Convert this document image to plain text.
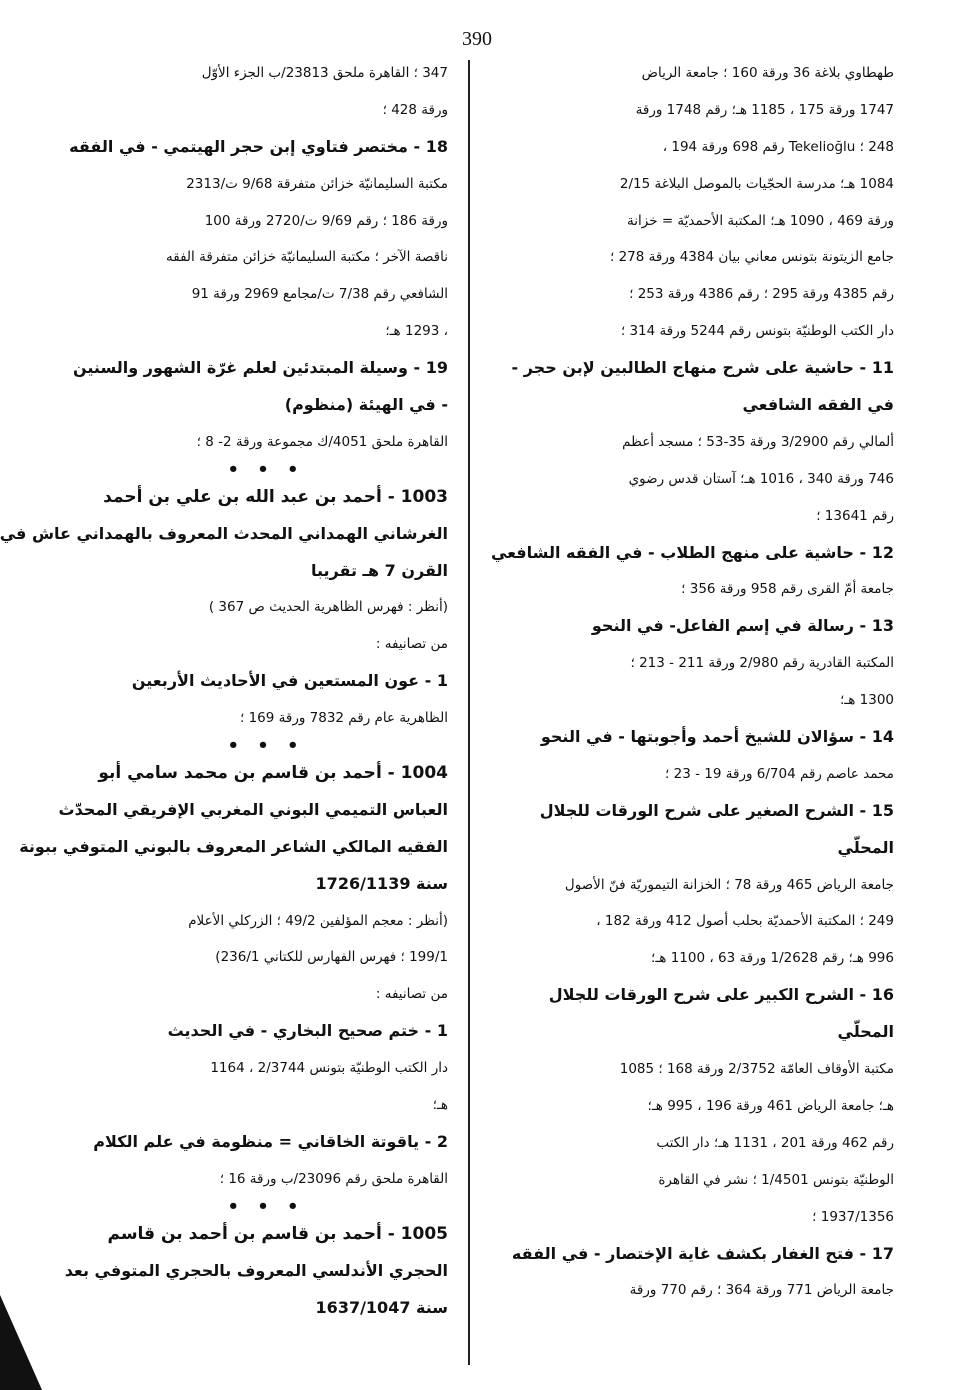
390
طهطاوي بلاغة 36 ورقة 160 ؛ جامعة الرياض
1747 ورقة 175 ، 1185 هـ؛ رقم 1748 ورقة
248 ؛ Tekelioğlu رقم 698 ورقة 194 ،
1084 هـ؛ مدرسة الحجّيات بالموصل البلاغة 2/15
ورقة 469 ، 1090 هـ؛ المكتبة الأحمديّة = خزانة
جامع الزيتونة بتونس معاني بيان 4384 ورقة 278 ؛
رقم 4385 ورقة 295 ؛ رقم 4386 ورقة 253 ؛
دار الكتب الوطنيّة بتونس رقم 5244 ورقة 314 ؛
11 - حاشية على شرح منهاج الطالبين لإبن حجر -
في الفقه الشافعي
ألمالي رقم 3/2900 ورقة 35-53 ؛ مسجد أعظم
746 ورقة 340 ، 1016 هـ؛ آستان قدس رضوي
رقم 13641 ؛
12 - حاشية على منهج الطلاب - في الفقه الشافعي
جامعة أمّ القرى رقم 958 ورقة 356 ؛
13 - رسالة في إسم الفاعل- في النحو
المكتبة القادرية رقم 2/980 ورقة 211 - 213 ؛
1300 هـ؛
14 - سؤالان للشيخ أحمد وأجوبتها - في النحو
محمد عاصم رقم 6/704 ورقة 19 - 23 ؛
15 - الشرح الصغير على شرح الورقات للجلال
المحلّي
جامعة الرياض 465 ورقة 78 ؛ الخزانة التيموريّة فنّ الأصول
249 ؛ المكتبة الأحمديّة بحلب أصول 412 ورقة 182 ،
996 هـ؛ رقم 1/2628 ورقة 63 ، 1100 هـ؛
16 - الشرح الكبير على شرح الورقات للجلال
المحلّي
مكتبة الأوقاف العامّة 2/3752 ورقة 168 ؛ 1085
هـ؛ جامعة الرياض 461 ورقة 196 ، 995 هـ؛
رقم 462 ورقة 201 ، 1131 هـ؛ دار الكتب
الوطنيّة بتونس 1/4501 ؛ نشر في القاهرة
1937/1356 ؛
17 - فتح الغفار بكشف غاية الإختصار - في الفقه
جامعة الرياض 771 ورقة 364 ؛ رقم 770 ورقة
347 ؛ القاهرة ملحق 23813/ب الجزء الأوّل
ورقة 428 ؛
18 - مختصر فتاوي إبن حجر الهيتمي - في الفقه
مكتبة السليمانيّة خزائن متفرقة 9/68 ت/2313
ورقة 186 ؛ رقم 9/69 ت/2720 ورقة 100
ناقصة الآخر ؛ مكتبة السليمانيّة خزائن متفرقة الفقه
الشافعي رقم 7/38 ت/مجامع 2969 ورقة 91
، 1293 هـ؛
19 - وسيلة المبتدئين لعلم غرّة الشهور والسنين
- في الهيئة (منظوم)
القاهرة ملحق 4051/ك مجموعة ورقة 2- 8 ؛
• • •
1003 - أحمد بن عبد الله بن علي بن أحمد
الغرشاني الهمداني المحدث المعروف بالهمداني عاش في
القرن 7 هـ تقريبا
(أنظر : فهرس الظاهرية الحديث ص 367 )
من تصانيفه :
1 - عون المستعين في الأحاديث الأربعين
الظاهرية عام رقم 7832 ورقة 169 ؛
• • •
1004 - أحمد بن قاسم بن محمد سامي أبو
العباس التميمي البوني المغربي الإفريقي المحدّث
الفقيه المالكي الشاعر المعروف بالبوني المتوفي ببونة
سنة 1726/1139
(أنظر : معجم المؤلفين 49/2 ؛ الزركلي الأعلام
199/1 ؛ فهرس الفهارس للكتاني 236/1)
من تصانيفه :
1 - ختم صحيح البخاري - في الحديث
دار الكتب الوطنيّة بتونس 2/3744 ، 1164
هـ؛
2 - ياقوتة الخاقاني = منظومة في علم الكلام
القاهرة ملحق رقم 23096/ب ورقة 16 ؛
• • •
1005 - أحمد بن قاسم بن أحمد بن قاسم
الحجري الأندلسي المعروف بالحجري المتوفي بعد
سنة 1637/1047
